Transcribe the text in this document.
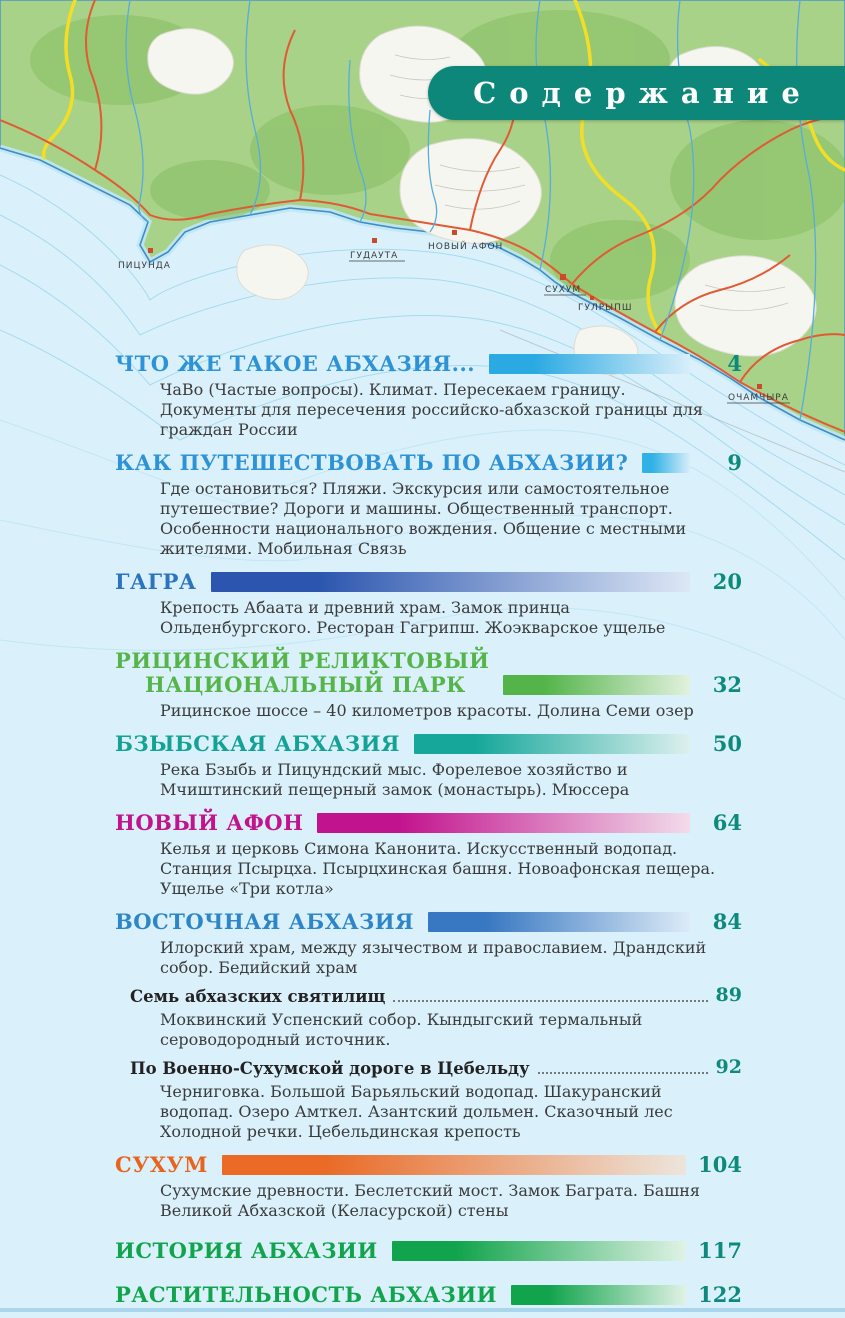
ПИЦУНДА
ГУДАУТА
НОВЫЙ АФОН
СУХУМ
ГУЛРЫПШ
ОЧАМЧЫРА
Содержание
ЧТО ЖЕ ТАКОЕ АБХАЗИЯ...	4
ЧаВо (Частые вопросы). Климат. Пересекаем границу. Документы для пересечения российско-абхазской границы для граждан России
КАК ПУТЕШЕСТВОВАТЬ ПО АБХАЗИИ?	9
Где остановиться? Пляжи. Экскурсия или самостоятельное путешествие? Дороги и машины. Общественный транспорт. Особенности национального вождения. Общение с местными жителями. Мобильная Связь
ГАГРА	20
Крепость Абаата и древний храм. Замок принца Ольденбургского. Ресторан Гагрипш. Жоэкварское ущелье
РИЦИНСКИЙ РЕЛИКТОВЫЙ
НАЦИОНАЛЬНЫЙ ПАРК	32
Рицинское шоссе – 40 километров красоты. Долина Семи озер
БЗЫБСКАЯ АБХАЗИЯ	50
Река Бзыбь и Пицундский мыс. Форелевое хозяйство и Мчиштинский пещерный замок (монастырь). Мюссера
НОВЫЙ АФОН	64
Келья и церковь Симона Канонита. Искусственный водопад. Станция Псырцха. Псырцхинская башня. Новоафонская пещера. Ущелье «Три котла»
ВОСТОЧНАЯ АБХАЗИЯ	84
Илорский храм, между язычеством и православием. Драндский собор. Бедийский храм
Семь абхазских святилищ	89
Моквинский Успенский собор. Кындыгский термальный сероводородный источник.
По Военно-Сухумской дороге в Цебельду	92
Черниговка. Большой Барьяльский водопад. Шакуранский водопад. Озеро Амткел. Азантский дольмен. Сказочный лес Холодной речки. Цебельдинская крепость
СУХУМ	104
Сухумские древности. Беслетский мост. Замок Баграта. Башня Великой Абхазской (Келасурской) стены
ИСТОРИЯ АБХАЗИИ	117
РАСТИТЕЛЬНОСТЬ АБХАЗИИ	122
